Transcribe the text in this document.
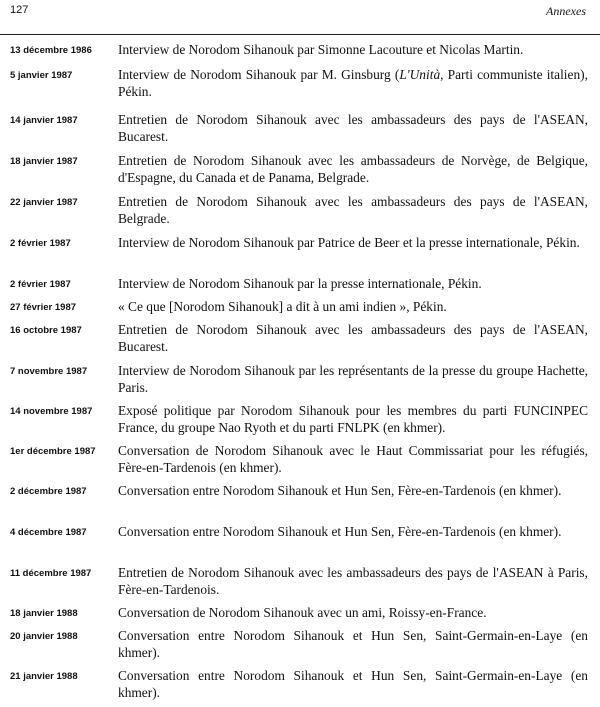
127	Annexes
13 décembre 1986	Interview de Norodom Sihanouk par Simonne Lacouture et Nicolas Martin.
5 janvier 1987	Interview de Norodom Sihanouk par M. Ginsburg (L'Unità, Parti communiste italien), Pékin.
14 janvier 1987	Entretien de Norodom Sihanouk avec les ambassadeurs des pays de l'ASEAN, Bucarest.
18 janvier 1987	Entretien de Norodom Sihanouk avec les ambassadeurs de Norvège, de Belgique, d'Espagne, du Canada et de Panama, Belgrade.
22 janvier 1987	Entretien de Norodom Sihanouk avec les ambassadeurs des pays de l'ASEAN, Belgrade.
2 février 1987	Interview de Norodom Sihanouk par Patrice de Beer et la presse internationale, Pékin.
2 février 1987	Interview de Norodom Sihanouk par la presse internationale, Pékin.
27 février 1987	« Ce que [Norodom Sihanouk] a dit à un ami indien », Pékin.
16 octobre 1987	Entretien de Norodom Sihanouk avec les ambassadeurs des pays de l'ASEAN, Bucarest.
7 novembre 1987	Interview de Norodom Sihanouk par les représentants de la presse du groupe Hachette, Paris.
14 novembre 1987	Exposé politique par Norodom Sihanouk pour les membres du parti FUNCINPEC France, du groupe Nao Ryoth et du parti FNLPK (en khmer).
1er décembre 1987	Conversation de Norodom Sihanouk avec le Haut Commissariat pour les réfugiés, Fère-en-Tardenois (en khmer).
2 décembre 1987	Conversation entre Norodom Sihanouk et Hun Sen, Fère-en-Tardenois (en khmer).
4 décembre 1987	Conversation entre Norodom Sihanouk et Hun Sen, Fère-en-Tardenois (en khmer).
11 décembre 1987	Entretien de Norodom Sihanouk avec les ambassadeurs des pays de l'ASEAN à Paris, Fère-en-Tardenois.
18 janvier 1988	Conversation de Norodom Sihanouk avec un ami, Roissy-en-France.
20 janvier 1988	Conversation entre Norodom Sihanouk et Hun Sen, Saint-Germain-en-Laye (en khmer).
21 janvier 1988	Conversation entre Norodom Sihanouk et Hun Sen, Saint-Germain-en-Laye (en khmer).
